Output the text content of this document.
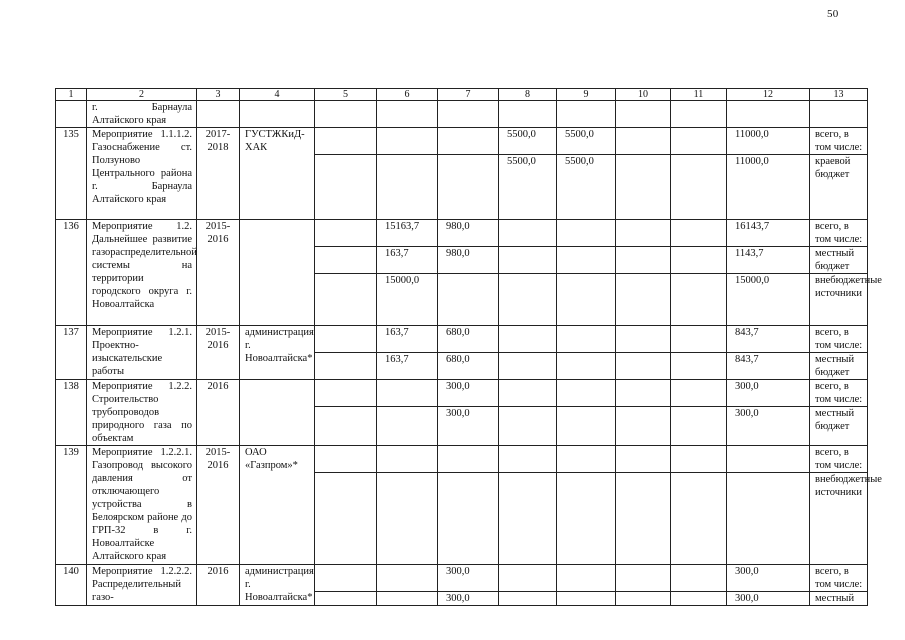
50
1	2	3	4	5	6	7	8	9	10	11	12	13
	г. Барнаула Алтайского края											
135	Мероприятие 1.1.1.2. Газоснабжение ст. Ползуново Центрального района г. Барнаула Алтайского края	2017-2018	ГУСТЖКиД-ХАК				5500,0	5500,0			11000,0	всего, в том числе:
							5500,0	5500,0			11000,0	краевой бюджет
136	Мероприятие 1.2. Дальнейшее развитие газораспределительной системы на территории городского округа г. Новоалтайска	2015-2016			15163,7	980,0					16143,7	всего, в том числе:
					163,7	980,0					1143,7	местный бюджет
					15000,0						15000,0	внебюджетные источники
137	Мероприятие 1.2.1. Проектно-изыскательские работы	2015-2016	администрация г. Новоалтайска*		163,7	680,0					843,7	всего, в том числе:
					163,7	680,0					843,7	местный бюджет
138	Мероприятие 1.2.2. Строительство трубопроводов природного газа по объектам	2016				300,0					300,0	всего, в том числе:
						300,0					300,0	местный бюджет
139	Мероприятие 1.2.2.1. Газопровод высокого давления от отключающего устройства в Белоярском районе до ГРП-32 в г. Новоалтайске Алтайского края	2015-2016	ОАО «Газпром»*									всего, в том числе:
												внебюджетные источники
140	Мероприятие 1.2.2.2. Распределительный газо-	2016	администрация г. Новоалтайска*			300,0					300,0	всего, в том числе:
						300,0					300,0	местный
